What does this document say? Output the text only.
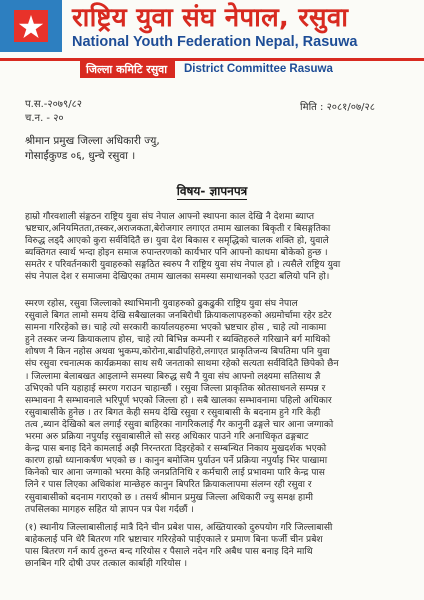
राष्ट्रिय युवा संघ नेपाल, रसुवा
National Youth Federation Nepal, Rasuwa
जिल्ला कमिटि रसुवा	District Committee Rasuwa
प.स.-२०७९/८२
च.न. - २०
मिति : २०८१/०७/२८
श्रीमान प्रमुख जिल्ला अधिकारी ज्यु,
गोसाईंकुण्ड ०६, धुन्चे रसुवा ।
विषय- ज्ञापनपत्र
हाम्रो गौरवशाली संङ्गठन राष्ट्रिय युवा संघ नेपाल आफ्नो स्थापना काल देखि नै देशमा ब्याप्त
भ्रष्टचार,अनियमितता,तस्कर,अराजकता,बेरोजगार लगाएत तमाम खालका बिकृती र बिसङ्गतिका
विरुद्ध लड्दै आएको कुरा सर्वविदितै छ। युवा देश बिकास र समृद्धिको चालक शक्ति हो, युवाले
ब्यक्तिगत स्वार्थ भन्दा होइन समाज रुपान्तरणको कार्यभार पनि आफ्नो काधमा बोकेको हुन्छ ।
समतेर र परिवर्तनकारी युवाहरुको सङ्गठित स्वरुप नै राष्ट्रिय युवा संघ नेपाल हो । त्यसैले राष्ट्रिय युवा
संघ नेपाल देश र समाजमा देखिएका तमाम खालका समस्या समाधानको एउटा बलियो पनि हो।
स्मरण रहोस, रसुवा जिल्लाको स्थाभिमानी युवाहरुको ढुकढुकी राष्ट्रिय युवा संघ नेपाल
रसुवाले बिगत लामो समय देखि सबैखालका जनबिरोधी क्रियाकलापहरुको अग्रमोर्चामा रहेर डटेर
सामना गरिरहेको छ। चाहे त्यो सरकारी कार्यालयहरुमा भएको भ्रष्टचार होस , चाहे त्यो नाकामा
हुने तस्कर जन्य क्रियाकलाप होस, चाहे त्यो बिभिन्न कम्पनी र ब्यक्तिहरुले गरिखाने बर्ग माथिको
शोषण नै किन नहोस अथवा भुकम्प,कोरोना,बाढीपहिरो,लगाएत प्राकृतिजन्य बिपतिमा पनि युवा
संघ रसुवा रचनात्मक कार्यक्रमका साथ सधै जनताको साथमा रहेको सत्यता सर्वविदितै छिपेको छैन
। जिल्लामा बेलाबखत आइलाग्ने समस्या बिरुद्ध सधै नै युवा संघ आफ्नो लक्ष्यमा सतिसाथ ज्ञै
उभिएको पनि यहाहाई स्मरण गराउन चाहान्छौं । रसुवा जिल्ला प्राकृतिक स्रोतसाधनले सम्पन्न र
सम्भावना नै सम्भावनाले भरिपूर्ण भएको जिल्ला हो । सबै खालका सम्भावनामा पहिलो अधिकार
रसुवाबासीके हुनेछ । तर बिगत केही समय देखि रसुवा र रसुवाबासी के बदनाम हुने गरि केही
तत्व ,ब्यान देखिको बल लगाई रसुवा बाहिरका नागरिकलाई गैर कानुनी ढङ्गले चार आना जग्गाको
भरमा अरु प्रक्रिया नपुर्याइ रसुवाबासीले सो सरह अधिकार पाउने गरि अनाधिकृत ढङ्गबाट
केन्द्र पास बनाइ दिने कामलाई अझै निरन्तरता दिइरहेको र सम्बन्धित निकाय मुखदर्शक भएको
कारण हाम्रो ध्यानाकर्षण भएको छ । कानुन बमोजिम पुर्याउन पर्ने प्रक्रिया नपुर्याइ भिर पाखामा
किनेको चार आना जग्गाको भरमा केहि जनप्रतिनिधि र कर्मचारी लाई प्रभावमा पारि केन्द्र पास
लिने र पास लिएका अधिकांश मान्छेहरु कानुन बिपरित क्रियाकलापमा संलग्न रही रसुवा र
रसुवाबासीको बदनाम गराएको छ । तसर्थ श्रीमान प्रमुख जिल्ला अधिकारी ज्यु समक्ष हामी
तपसिलका मागहरु सहित यो ज्ञापन पत्र पेश गर्दछौं ।
(१) स्थानीय जिल्लाबासीलाई मात्रै दिने चीन प्रबेश पास, अख्तियारको दुरुपयोग गरि जिल्लाबासी
बाहेकलाई पनि धेरै बितरण गरि भ्रष्टाचार गरिरहेको पाईएकाले र प्रमाण बिना फर्जी चीन प्रबेश
पास बितरण गर्न कार्य तुरुन्त बन्द गरियोस र पैसाले नदेन गरि अबैध पास बनाइ दिने माथि
छानबिन गरि दोषी उपर तत्काल कार्बाही गरियोस ।
